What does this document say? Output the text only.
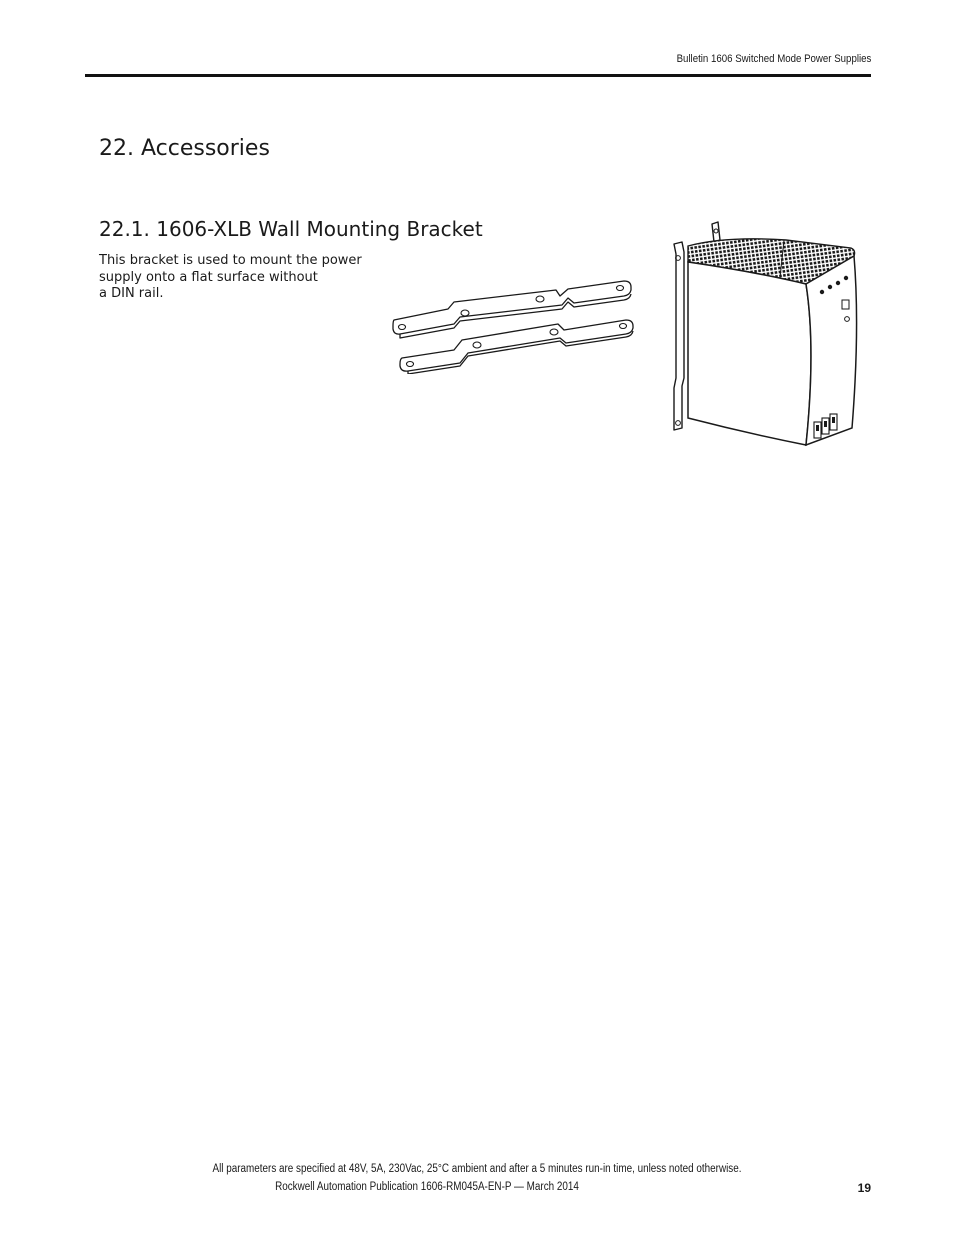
Bulletin 1606 Switched Mode Power Supplies
22. Accessories
22.1. 1606-XLB Wall Mounting Bracket
This bracket is used to mount the power
supply onto a flat surface without
a DIN rail.
All parameters are specified at 48V, 5A, 230Vac, 25°C ambient and after a 5 minutes run-in time, unless noted otherwise.
Rockwell Automation Publication 1606-RM045A-EN-P — March 2014	19
